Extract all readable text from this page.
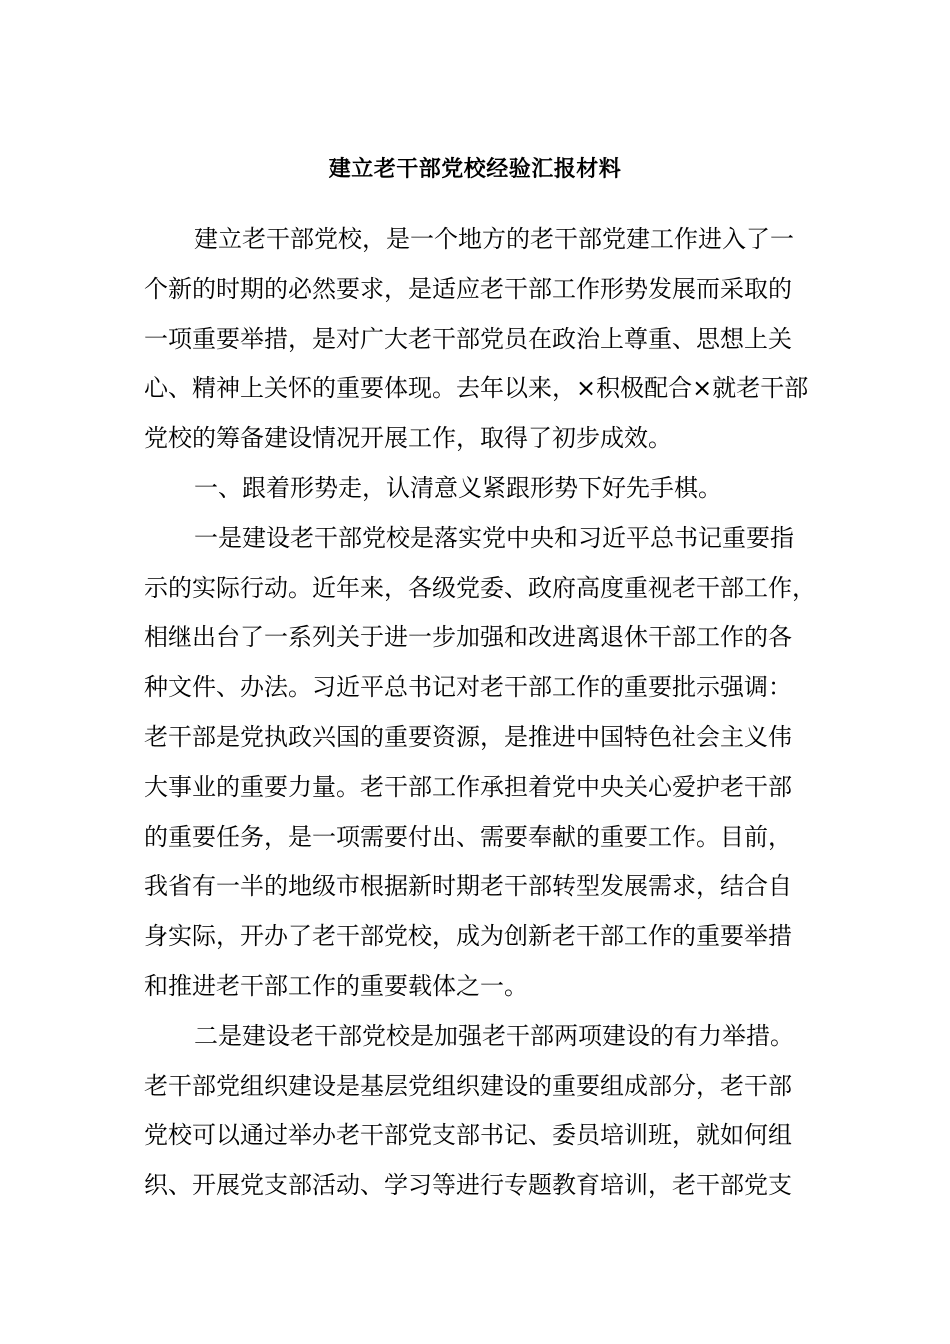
建立老干部党校经验汇报材料
建立老干部党校，是一个地方的老干部党建工作进入了一
个新的时期的必然要求，是适应老干部工作形势发展而采取的
一项重要举措，是对广大老干部党员在政治上尊重、思想上关
心、精神上关怀的重要体现。去年以来，×积极配合×就老干部
党校的筹备建设情况开展工作，取得了初步成效。
一、跟着形势走，认清意义紧跟形势下好先手棋。
一是建设老干部党校是落实党中央和习近平总书记重要指
示的实际行动。近年来，各级党委、政府高度重视老干部工作，
相继出台了一系列关于进一步加强和改进离退休干部工作的各
种文件、办法。习近平总书记对老干部工作的重要批示强调：
老干部是党执政兴国的重要资源，是推进中国特色社会主义伟
大事业的重要力量。老干部工作承担着党中央关心爱护老干部
的重要任务，是一项需要付出、需要奉献的重要工作。目前，
我省有一半的地级市根据新时期老干部转型发展需求，结合自
身实际，开办了老干部党校，成为创新老干部工作的重要举措
和推进老干部工作的重要载体之一。
二是建设老干部党校是加强老干部两项建设的有力举措。
老干部党组织建设是基层党组织建设的重要组成部分，老干部
党校可以通过举办老干部党支部书记、委员培训班，就如何组
织、开展党支部活动、学习等进行专题教育培训，老干部党支
